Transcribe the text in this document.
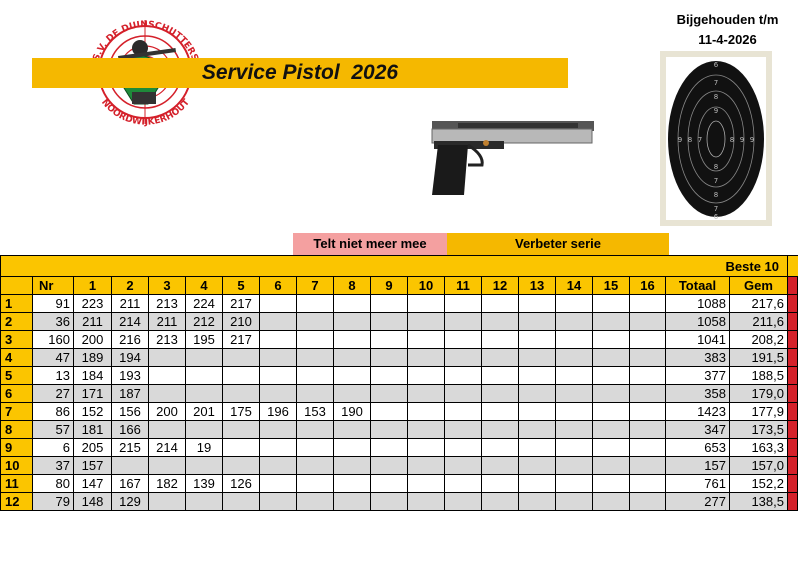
.V. DE DUINSCHUTTER
NOORDWIJKERHOUT
Service Pistol  2026
Bijgehouden t/m
11-4-2026
6
7
8
9
9 8 7	8 9 9
8
7
8
7
6
Telt niet meer mee	Verbeter serie
																		Beste 10		
	Nr	1	2	3	4	5	6	7	8	9	10	11	12	13	14	15	16	Totaal	Gem	
1	91	223	211	213	224	217												1088	217,6	
2	36	211	214	211	212	210												1058	211,6	
3	160	200	216	213	195	217												1041	208,2	
4	47	189	194															383	191,5	
5	13	184	193															377	188,5	
6	27	171	187															358	179,0	
7	86	152	156	200	201	175	196	153	190									1423	177,9	
8	57	181	166															347	173,5	
9	6	205	215	214	19													653	163,3	
10	37	157																157	157,0	
11	80	147	167	182	139	126												761	152,2	
12	79	148	129															277	138,5	
